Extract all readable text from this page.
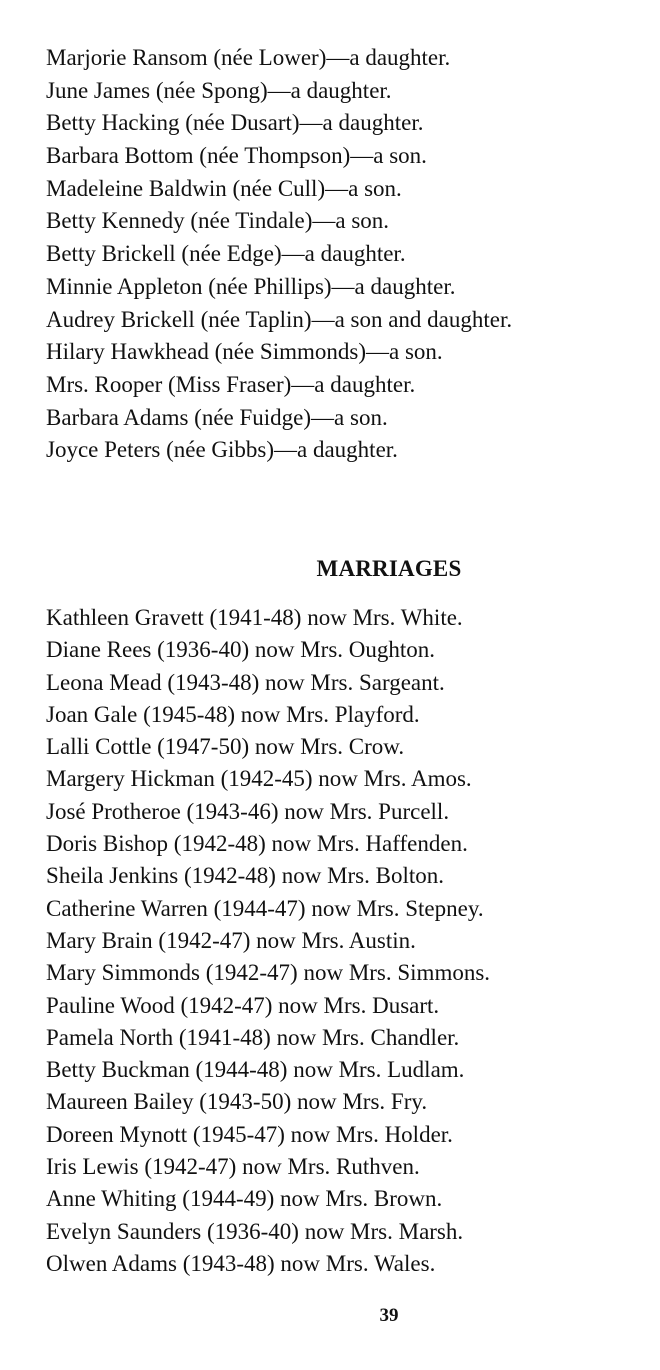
Marjorie Ransom (née Lower)—a daughter.
June James (née Spong)—a daughter.
Betty Hacking (née Dusart)—a daughter.
Barbara Bottom (née Thompson)—a son.
Madeleine Baldwin (née Cull)—a son.
Betty Kennedy (née Tindale)—a son.
Betty Brickell (née Edge)—a daughter.
Minnie Appleton (née Phillips)—a daughter.
Audrey Brickell (née Taplin)—a son and daughter.
Hilary Hawkhead (née Simmonds)—a son.
Mrs. Rooper (Miss Fraser)—a daughter.
Barbara Adams (née Fuidge)—a son.
Joyce Peters (née Gibbs)—a daughter.
MARRIAGES
Kathleen Gravett (1941-48) now Mrs. White.
Diane Rees (1936-40) now Mrs. Oughton.
Leona Mead (1943-48) now Mrs. Sargeant.
Joan Gale (1945-48) now Mrs. Playford.
Lalli Cottle (1947-50) now Mrs. Crow.
Margery Hickman (1942-45) now Mrs. Amos.
José Protheroe (1943-46) now Mrs. Purcell.
Doris Bishop (1942-48) now Mrs. Haffenden.
Sheila Jenkins (1942-48) now Mrs. Bolton.
Catherine Warren (1944-47) now Mrs. Stepney.
Mary Brain (1942-47) now Mrs. Austin.
Mary Simmonds (1942-47) now Mrs. Simmons.
Pauline Wood (1942-47) now Mrs. Dusart.
Pamela North (1941-48) now Mrs. Chandler.
Betty Buckman (1944-48) now Mrs. Ludlam.
Maureen Bailey (1943-50) now Mrs. Fry.
Doreen Mynott (1945-47) now Mrs. Holder.
Iris Lewis (1942-47) now Mrs. Ruthven.
Anne Whiting (1944-49) now Mrs. Brown.
Evelyn Saunders (1936-40) now Mrs. Marsh.
Olwen Adams (1943-48) now Mrs. Wales.
39
